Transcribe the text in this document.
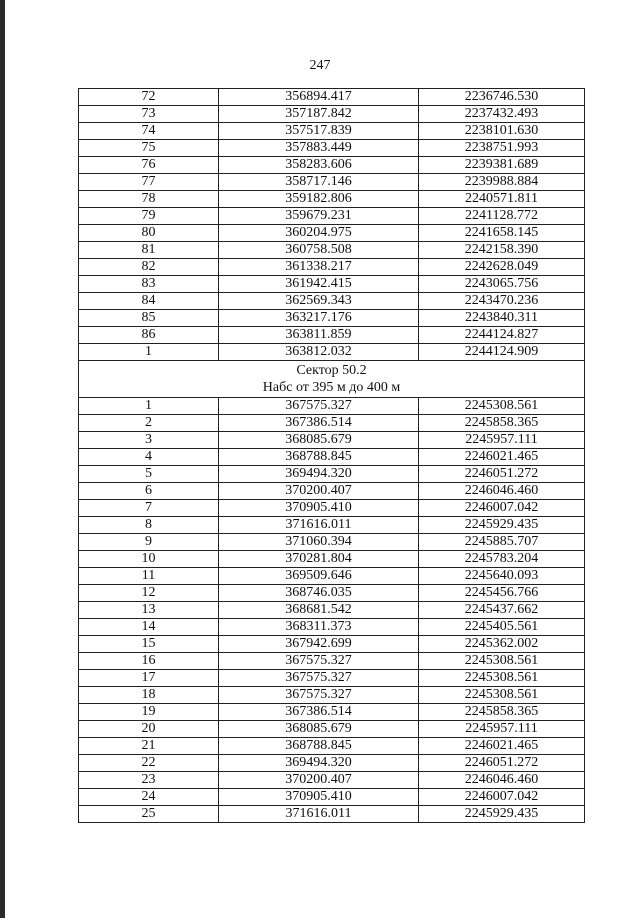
247
72	356894.417	2236746.530
73	357187.842	2237432.493
74	357517.839	2238101.630
75	357883.449	2238751.993
76	358283.606	2239381.689
77	358717.146	2239988.884
78	359182.806	2240571.811
79	359679.231	2241128.772
80	360204.975	2241658.145
81	360758.508	2242158.390
82	361338.217	2242628.049
83	361942.415	2243065.756
84	362569.343	2243470.236
85	363217.176	2243840.311
86	363811.859	2244124.827
1	363812.032	2244124.909

Сектор 50.2
Набс от 395 м до 400 м		

1	367575.327	2245308.561
2	367386.514	2245858.365
3	368085.679	2245957.111
4	368788.845	2246021.465
5	369494.320	2246051.272
6	370200.407	2246046.460
7	370905.410	2246007.042
8	371616.011	2245929.435
9	371060.394	2245885.707
10	370281.804	2245783.204
11	369509.646	2245640.093
12	368746.035	2245456.766
13	368681.542	2245437.662
14	368311.373	2245405.561
15	367942.699	2245362.002
16	367575.327	2245308.561
17	367575.327	2245308.561
18	367575.327	2245308.561
19	367386.514	2245858.365
20	368085.679	2245957.111
21	368788.845	2246021.465
22	369494.320	2246051.272
23	370200.407	2246046.460
24	370905.410	2246007.042
25	371616.011	2245929.435
